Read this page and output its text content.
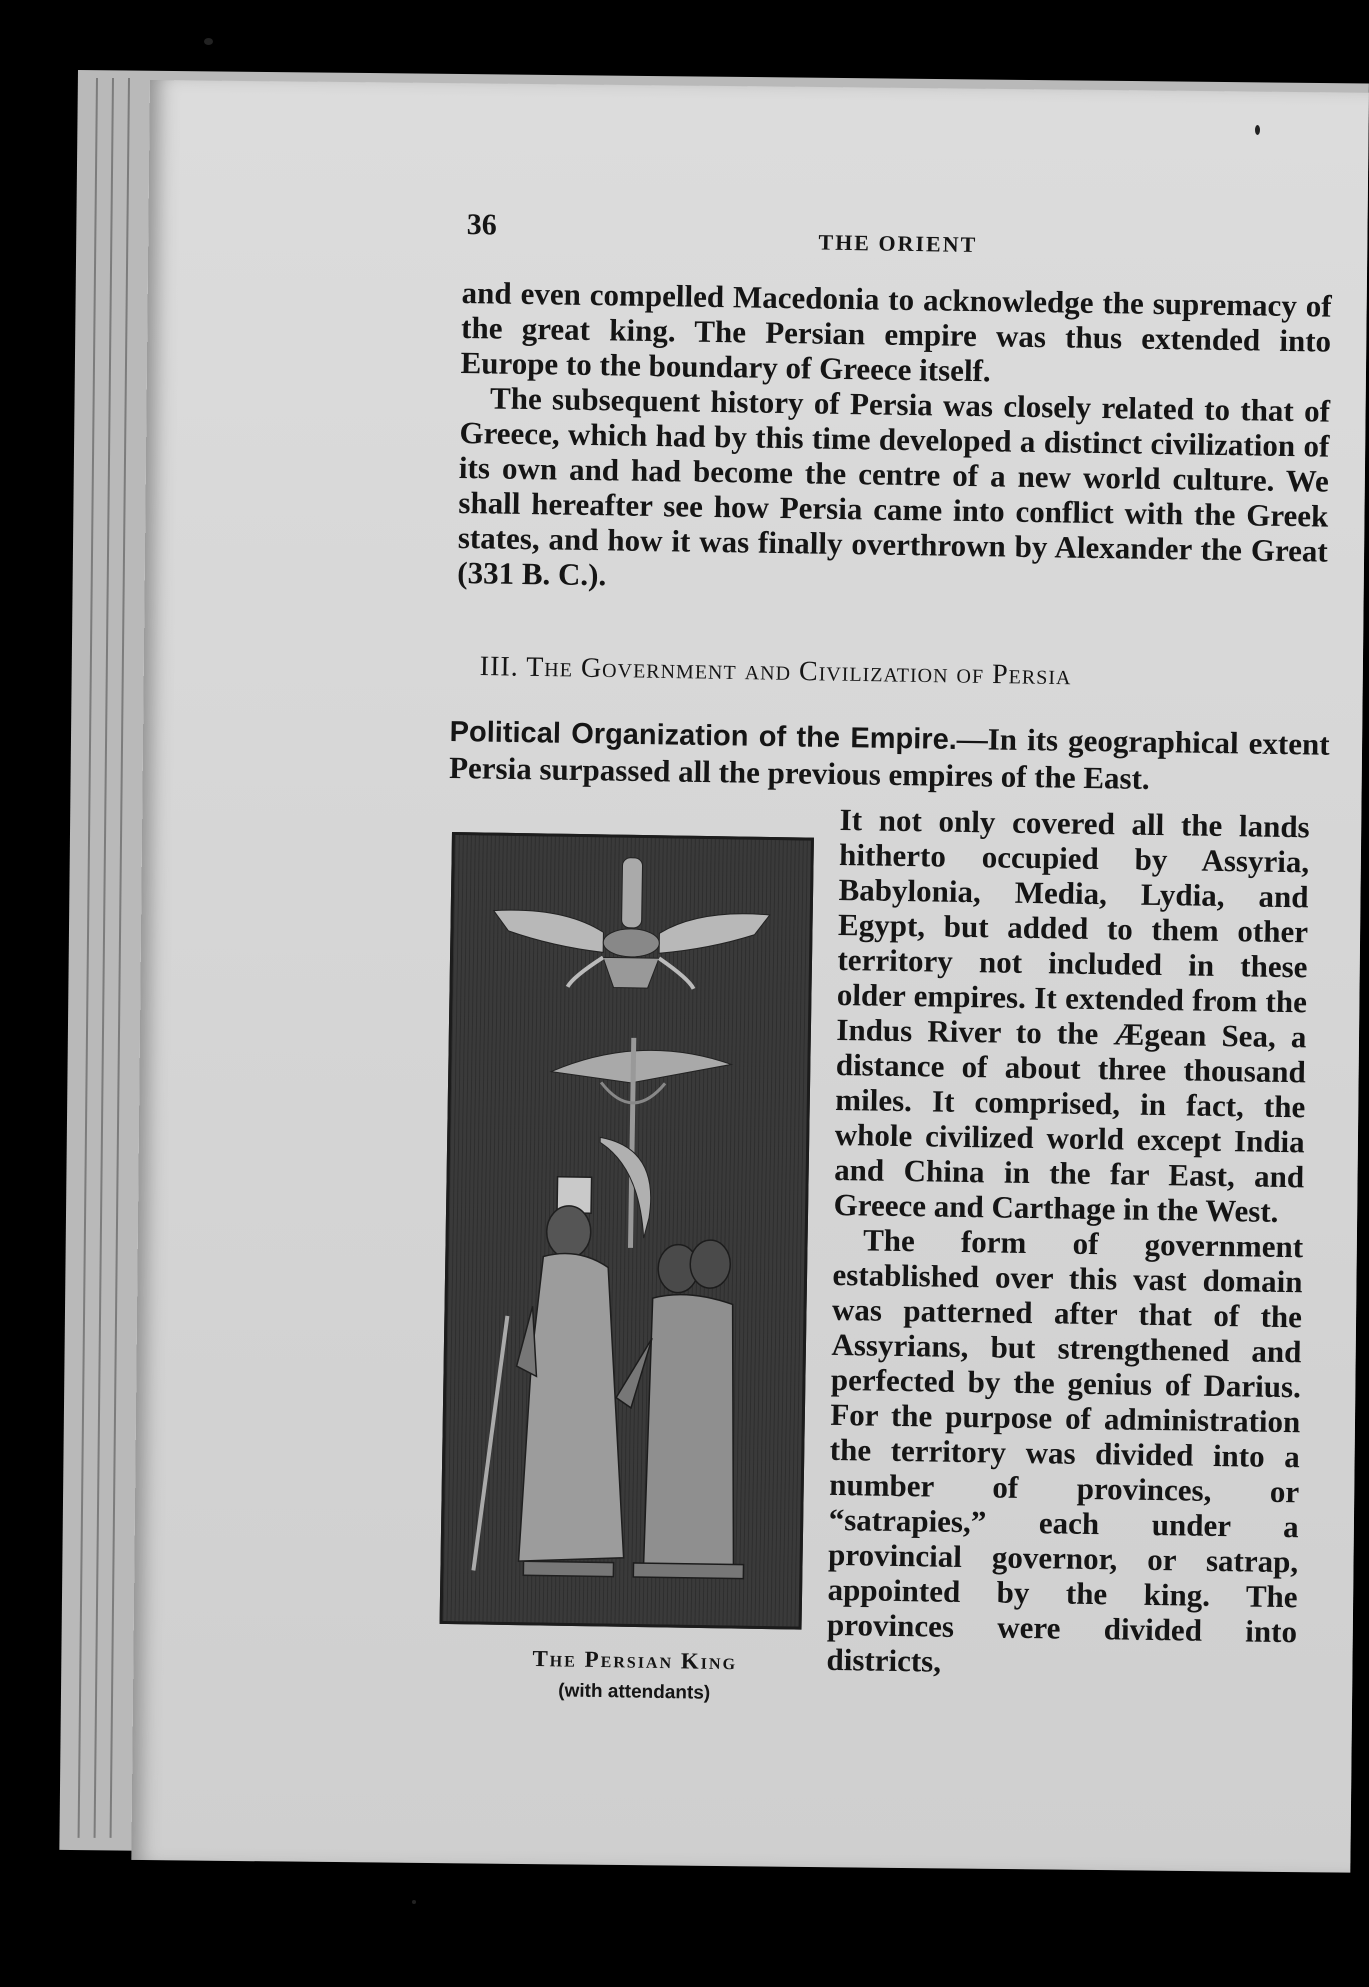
36
THE ORIENT

and even compelled Macedonia to acknowledge the supremacy of the great king. The Persian empire was thus extended into Europe to the boundary of Greece itself.

The subsequent history of Persia was closely related to that of Greece, which had by this time developed a distinct civilization of its own and had become the centre of a new world culture. We shall hereafter see how Persia came into conflict with the Greek states, and how it was finally overthrown by Alexander the Great (331 B. C.).

III. The Government and Civilization of Persia
Political Organization of the Empire.—In its geographical extent Persia surpassed all the previous empires of the East.

It not only covered all the lands hitherto occupied by Assyria, Babylonia, Media, Lydia, and Egypt, but added to them other territory not included in these older empires. It extended from the Indus River to the Ægean Sea, a distance of about three thousand miles. It comprised, in fact, the whole civilized world except India and China in the far East, and Greece and Carthage in the West.

The form of government established over this vast domain was patterned after that of the Assyrians, but strengthened and perfected by the genius of Darius. For the purpose of administration the territory was divided into a number of provinces, or “satrapies,” each under a provincial governor, or satrap, appointed by the king. The provinces were divided into districts,

The Persian King
(with attendants)
